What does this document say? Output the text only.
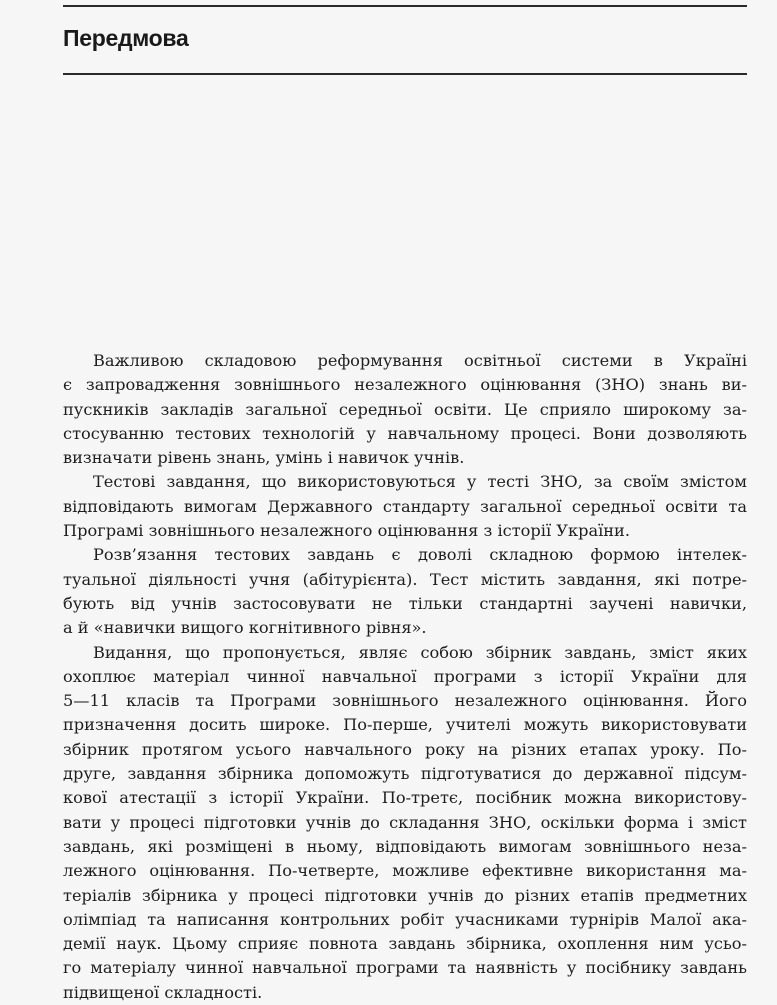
Передмова
Важливою складовою реформування освітньої системи в Україні
є запровадження зовнішнього незалежного оцінювання (ЗНО) знань ви-
пускників закладів загальної середньої освіти. Це сприяло широкому за-
стосуванню тестових технологій у навчальному процесі. Вони дозволяють
визначати рівень знань, умінь і навичок учнів.
Тестові завдання, що використовуються у тесті ЗНО, за своїм змістом
відповідають вимогам Державного стандарту загальної середньої освіти та
Програмі зовнішнього незалежного оцінювання з історії України.
Розв’язання тестових завдань є доволі складною формою інтелек-
туальної діяльності учня (абітурієнта). Тест містить завдання, які потре-
бують від учнів застосовувати не тільки стандартні заучені навички,
а й «навички вищого когнітивного рівня».
Видання, що пропонується, являє собою збірник завдань, зміст яких
охоплює матеріал чинної навчальної програми з історії України для
5—11 класів та Програми зовнішнього незалежного оцінювання. Його
призначення досить широке. По-перше, учителі можуть використовувати
збірник протягом усього навчального року на різних етапах уроку. По-
друге, завдання збірника допоможуть підготуватися до державної підсум-
кової атестації з історії України. По-третє, посібник можна використову-
вати у процесі підготовки учнів до складання ЗНО, оскільки форма і зміст
завдань, які розміщені в ньому, відповідають вимогам зовнішнього неза-
лежного оцінювання. По-четверте, можливе ефективне використання ма-
теріалів збірника у процесі підготовки учнів до різних етапів предметних
олімпіад та написання контрольних робіт учасниками турнірів Малої ака-
демії наук. Цьому сприяє повнота завдань збірника, охоплення ним усьо-
го матеріалу чинної навчальної програми та наявність у посібнику завдань
підвищеної складності.
